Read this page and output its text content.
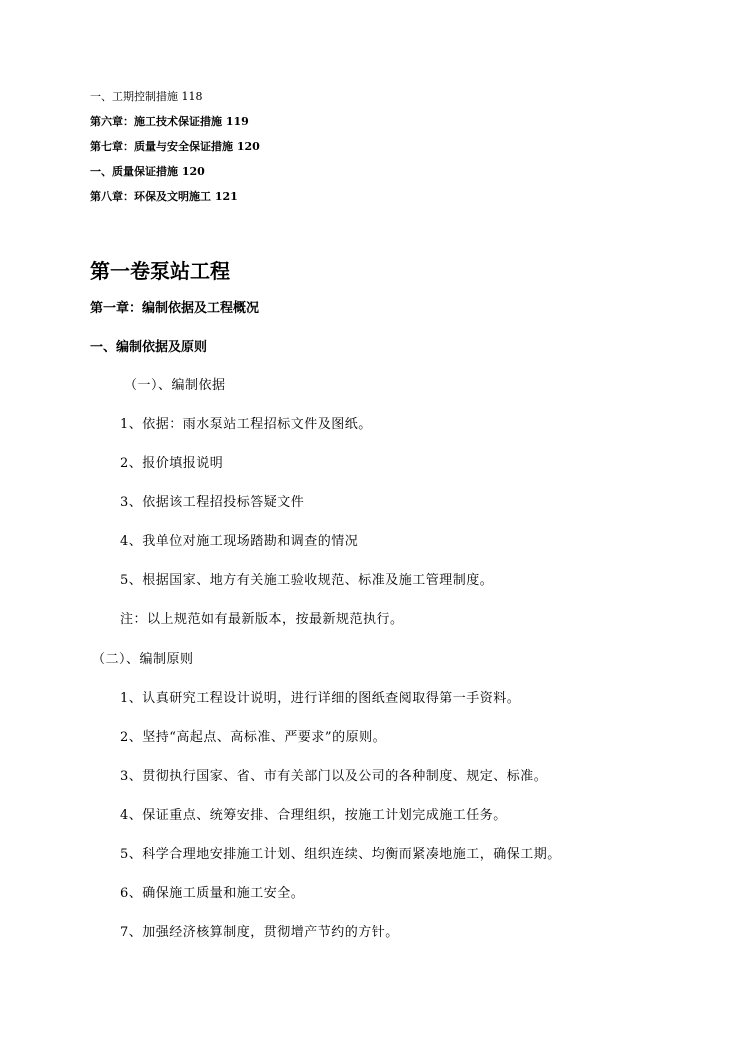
一、工期控制措施 118
第六章：施工技术保证措施 119
第七章：质量与安全保证措施 120
一、质量保证措施 120
第八章：环保及文明施工 121
第一卷泵站工程
第一章：编制依据及工程概况
一、编制依据及原则
（一）、编制依据
1、依据：雨水泵站工程招标文件及图纸。
2、报价填报说明
3、依据该工程招投标答疑文件
4、我单位对施工现场踏勘和调查的情况
5、根据国家、地方有关施工验收规范、标准及施工管理制度。
注：以上规范如有最新版本，按最新规范执行。
（二）、编制原则
1、认真研究工程设计说明，进行详细的图纸查阅取得第一手资料。
2、坚持“高起点、高标准、严要求”的原则。
3、贯彻执行国家、省、市有关部门以及公司的各种制度、规定、标准。
4、保证重点、统筹安排、合理组织，按施工计划完成施工任务。
5、科学合理地安排施工计划、组织连续、均衡而紧凑地施工，确保工期。
6、确保施工质量和施工安全。
7、加强经济核算制度，贯彻增产节约的方针。
